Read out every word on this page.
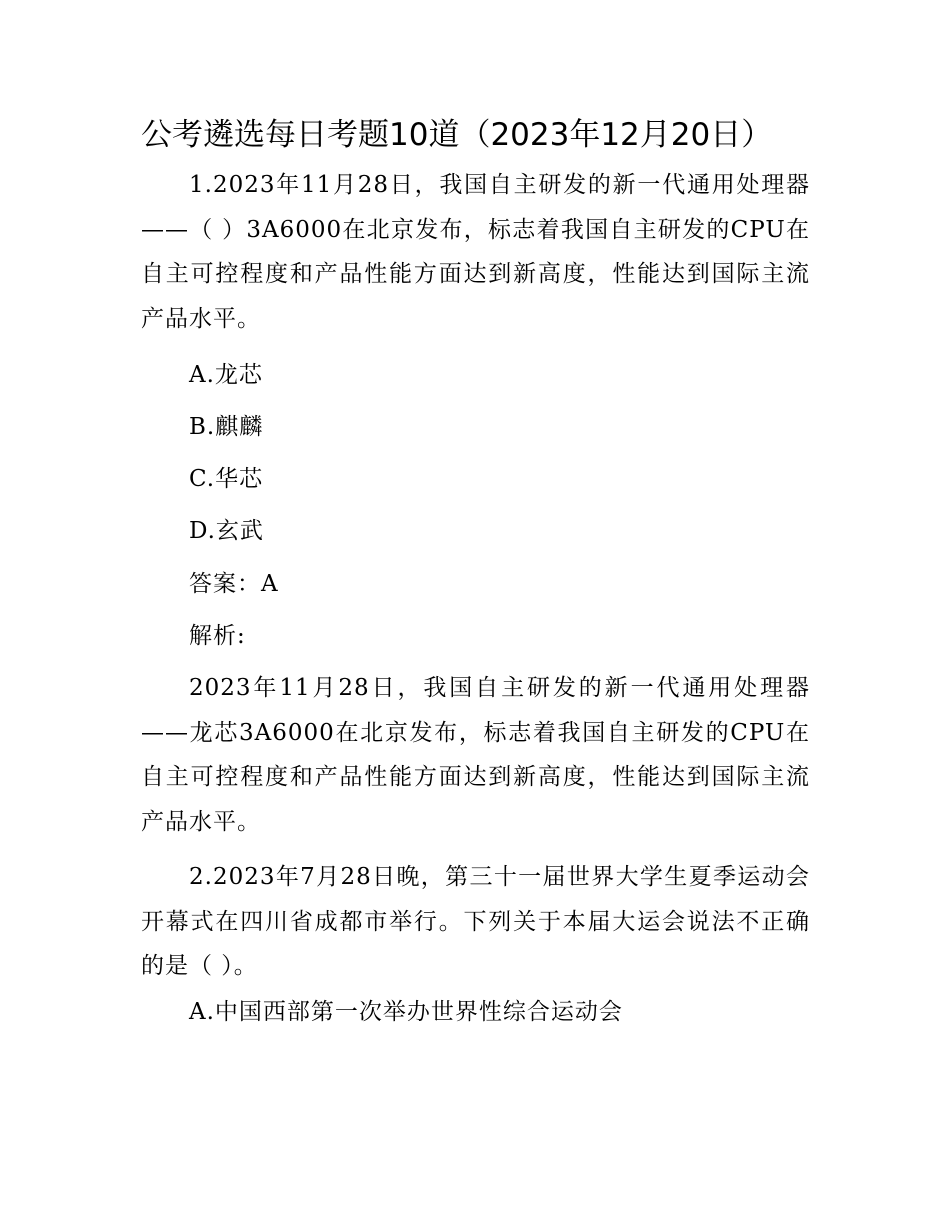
公考遴选每日考题10道（2023年12月20日）
1.2023年11月28日，我国自主研发的新一代通用处理器——（ ）3A6000在北京发布，标志着我国自主研发的CPU在自主可控程度和产品性能方面达到新高度，性能达到国际主流产品水平。
A.龙芯
B.麒麟
C.华芯
D.玄武
答案：A
解析:
2023年11月28日，我国自主研发的新一代通用处理器——龙芯3A6000在北京发布，标志着我国自主研发的CPU在自主可控程度和产品性能方面达到新高度，性能达到国际主流产品水平。
2.2023年7月28日晚，第三十一届世界大学生夏季运动会开幕式在四川省成都市举行。下列关于本届大运会说法不正确的是（ ）。
A.中国西部第一次举办世界性综合运动会
